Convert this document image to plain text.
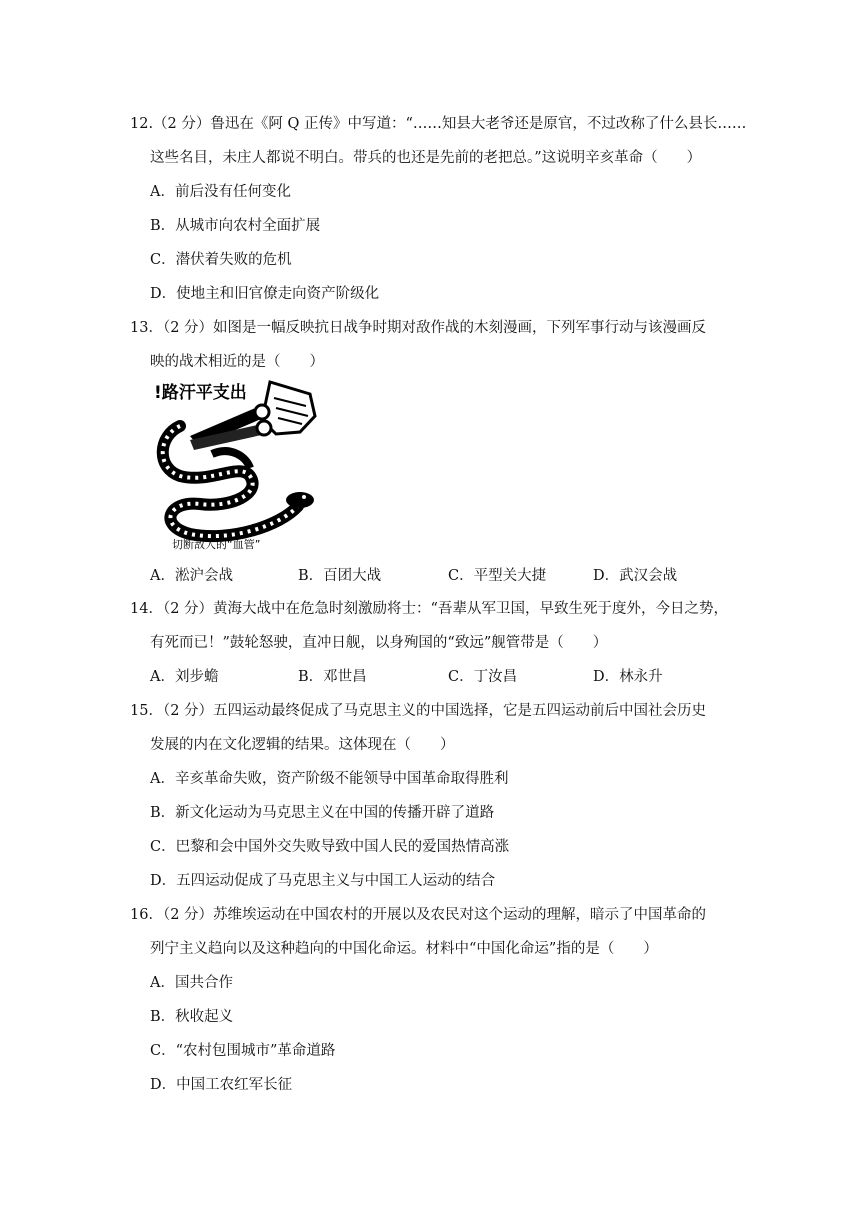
12.（2 分）鲁迅在《阿 Q 正传》中写道：“……知县大老爷还是原官，不过改称了什么县长……
这些名目，未庄人都说不明白。带兵的也还是先前的老把总。”这说明辛亥革命（　　）
A．前后没有任何变化
B．从城市向农村全面扩展
C．潜伏着失败的危机
D．使地主和旧官僚走向资产阶级化
13．（2 分）如图是一幅反映抗日战争时期对敌作战的木刻漫画，下列军事行动与该漫画反
映的战术相近的是（　　）
!路汗平支出
切断敌人的“血管”
A．淞沪会战	B．百团大战	C．平型关大捷	D．武汉会战
14．（2 分）黄海大战中在危急时刻激励将士：“吾辈从军卫国，早致生死于度外，今日之势，
有死而已！”鼓轮怒驶，直冲日舰，以身殉国的“致远”舰管带是（　　）
A．刘步蟾	B．邓世昌	C．丁汝昌	D．林永升
15．（2 分）五四运动最终促成了马克思主义的中国选择，它是五四运动前后中国社会历史
发展的内在文化逻辑的结果。这体现在（　　）
A．辛亥革命失败，资产阶级不能领导中国革命取得胜利
B．新文化运动为马克思主义在中国的传播开辟了道路
C．巴黎和会中国外交失败导致中国人民的爱国热情高涨
D．五四运动促成了马克思主义与中国工人运动的结合
16．（2 分）苏维埃运动在中国农村的开展以及农民对这个运动的理解，暗示了中国革命的
列宁主义趋向以及这种趋向的中国化命运。材料中“中国化命运”指的是（　　）
A．国共合作
B．秋收起义
C．“农村包围城市”革命道路
D．中国工农红军长征
